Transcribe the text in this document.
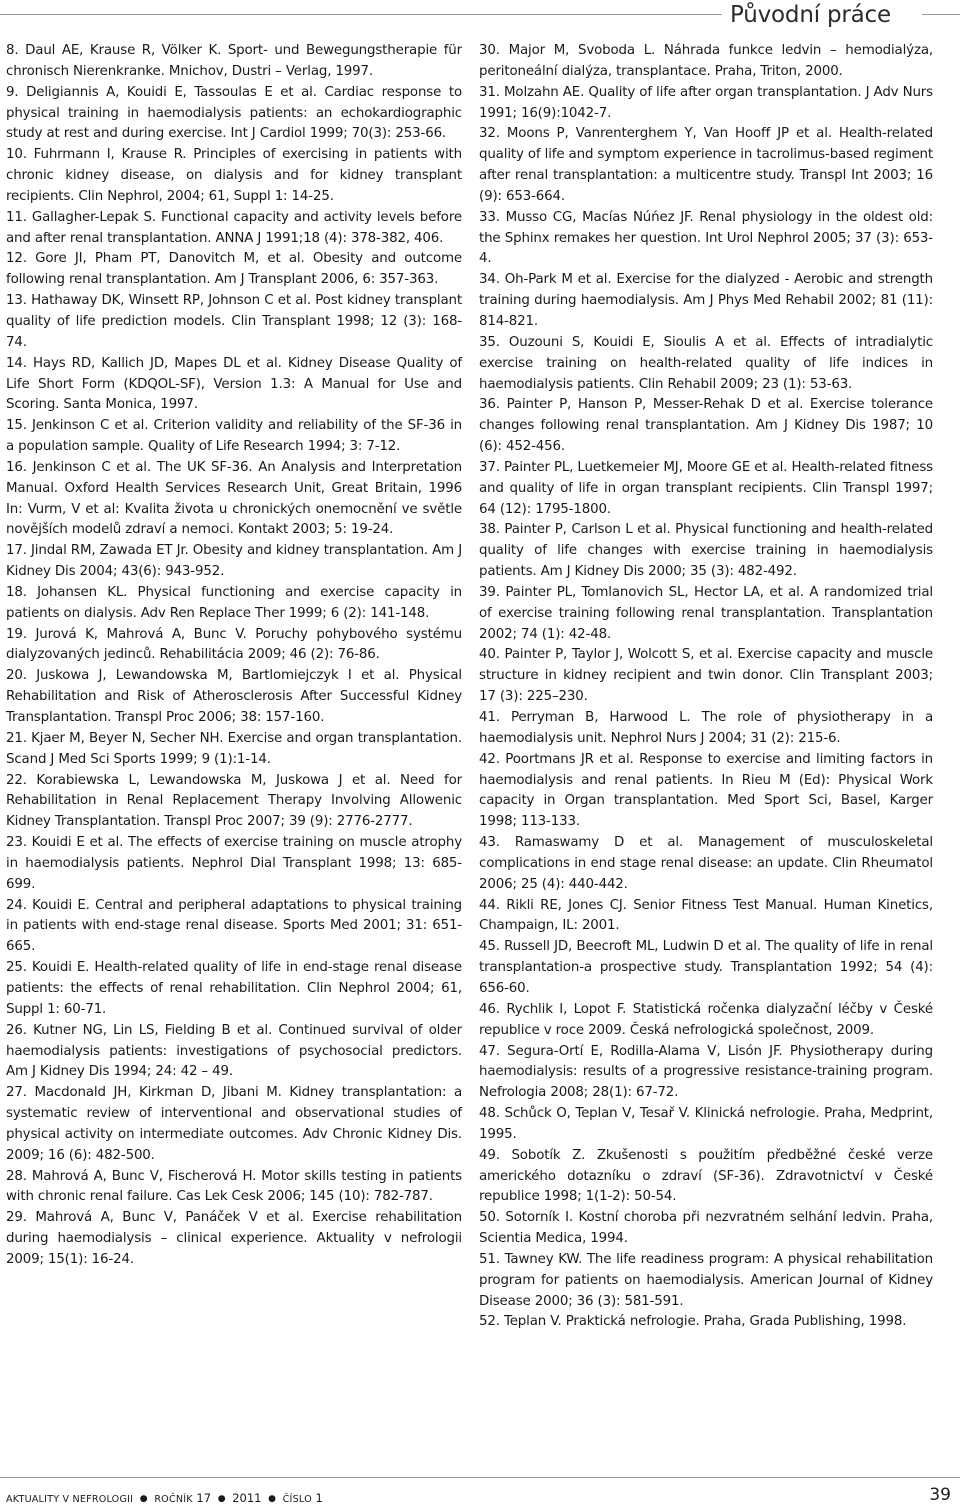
Původní práce

8. Daul AE, Krause R, Völker K. Sport- und Bewegungstherapie für chronisch Nierenkranke. Mnichov, Dustri – Verlag, 1997.

9. Deligiannis A, Kouidi E, Tassoulas E et al. Cardiac response to physical training in haemodialysis patients: an echokardiographic study at rest and during exercise. Int J Cardiol 1999; 70(3): 253-66.

10. Fuhrmann I, Krause R. Principles of exercising in patients with chronic kidney disease, on dialysis and for kidney transplant recipients. Clin Nephrol, 2004; 61, Suppl 1: 14-25.

11. Gallagher-Lepak S. Functional capacity and activity levels before and after renal transplantation. ANNA J 1991;18 (4): 378-382, 406.

12. Gore JI, Pham PT, Danovitch M, et al. Obesity and outcome following renal transplantation. Am J Transplant 2006, 6: 357-363.

13. Hathaway DK, Winsett RP, Johnson C et al. Post kidney transplant quality of life prediction models. Clin Transplant 1998; 12 (3): 168-74.

14. Hays RD, Kallich JD, Mapes DL et al. Kidney Disease Quality of Life Short Form (KDQOL-SF), Version 1.3: A Manual for Use and Scoring. Santa Monica, 1997.

15. Jenkinson C et al. Criterion validity and reliability of the SF-36 in a population sample. Quality of Life Research 1994; 3: 7-12.

16. Jenkinson C et al. The UK SF-36. An Analysis and Interpretation Manual. Oxford Health Services Research Unit, Great Britain, 1996 In: Vurm, V et al: Kvalita života u chronických onemocnění ve světle novějších modelů zdraví a nemoci. Kontakt 2003; 5: 19-24.

17. Jindal RM, Zawada ET Jr. Obesity and kidney transplantation. Am J Kidney Dis 2004; 43(6): 943-952.

18. Johansen KL. Physical functioning and exercise capacity in patients on dialysis. Adv Ren Replace Ther 1999; 6 (2): 141-148.

19. Jurová K, Mahrová A, Bunc V. Poruchy pohybového systému dialyzovaných jedinců. Rehabilitácia 2009; 46 (2): 76-86.

20. Juskowa J, Lewandowska M, Bartlomiejczyk I et al. Physical Rehabilitation and Risk of Atherosclerosis After Successful Kidney Transplantation. Transpl Proc 2006; 38: 157-160.

21. Kjaer M, Beyer N, Secher NH. Exercise and organ transplantation. Scand J Med Sci Sports 1999; 9 (1):1-14.

22. Korabiewska L, Lewandowska M, Juskowa J et al. Need for Rehabilitation in Renal Replacement Therapy Involving Allowenic Kidney Transplantation. Transpl Proc 2007; 39 (9): 2776-2777.

23. Kouidi E et al. The effects of exercise training on muscle atrophy in haemodialysis patients. Nephrol Dial Transplant 1998; 13: 685-699.

24. Kouidi E. Central and peripheral adaptations to physical training in patients with end-stage renal disease. Sports Med 2001; 31: 651-665.

25. Kouidi E. Health-related quality of life in end-stage renal disease patients: the effects of renal rehabilitation. Clin Nephrol 2004; 61, Suppl 1: 60-71.

26. Kutner NG, Lin LS, Fielding B et al. Continued survival of older haemodialysis patients: investigations of psychosocial predictors. Am J Kidney Dis 1994; 24: 42 – 49.

27. Macdonald JH, Kirkman D, Jibani M. Kidney transplantation: a systematic review of interventional and observational studies of physical activity on intermediate outcomes. Adv Chronic Kidney Dis. 2009; 16 (6): 482-500.

28. Mahrová A, Bunc V, Fischerová H. Motor skills testing in patients with chronic renal failure. Cas Lek Cesk 2006; 145 (10): 782-787.

29. Mahrová A, Bunc V, Panáček V et al. Exercise rehabilitation during haemodialysis – clinical experience. Aktuality v nefrologii 2009; 15(1): 16-24.

30. Major M, Svoboda L. Náhrada funkce ledvin – hemodialýza, peritoneální dialýza, transplantace. Praha, Triton, 2000.

31. Molzahn AE. Quality of life after organ transplantation. J Adv Nurs 1991; 16(9):1042-7.

32. Moons P, Vanrenterghem Y, Van Hooff JP et al. Health-related quality of life and symptom experience in tacrolimus-based regiment after renal transplantation: a multicentre study. Transpl Int 2003; 16 (9): 653-664.

33. Musso CG, Macías Núńez JF. Renal physiology in the oldest old: the Sphinx remakes her question. Int Urol Nephrol 2005; 37 (3): 653-4.

34. Oh-Park M et al. Exercise for the dialyzed - Aerobic and strength training during haemodialysis. Am J Phys Med Rehabil 2002; 81 (11): 814-821.

35. Ouzouni S, Kouidi E, Sioulis A et al. Effects of intradialytic exercise training on health-related quality of life indices in haemodialysis patients. Clin Rehabil 2009; 23 (1): 53-63.

36. Painter P, Hanson P, Messer-Rehak D et al. Exercise tolerance changes following renal transplantation. Am J Kidney Dis 1987; 10 (6): 452-456.

37. Painter PL, Luetkemeier MJ, Moore GE et al. Health-related fitness and quality of life in organ transplant recipients. Clin Transpl 1997; 64 (12): 1795-1800.

38. Painter P, Carlson L et al. Physical functioning and health-related quality of life changes with exercise training in haemodialysis patients. Am J Kidney Dis 2000; 35 (3): 482-492.

39. Painter PL, Tomlanovich SL, Hector LA, et al. A randomized trial of exercise training following renal transplantation. Transplantation 2002; 74 (1): 42-48.

40. Painter P, Taylor J, Wolcott S, et al. Exercise capacity and muscle structure in kidney recipient and twin donor. Clin Transplant 2003; 17 (3): 225–230.

41. Perryman B, Harwood L. The role of physiotherapy in a haemodialysis unit. Nephrol Nurs J 2004; 31 (2): 215-6.

42. Poortmans JR et al. Response to exercise and limiting factors in haemodialysis and renal patients. In Rieu M (Ed): Physical Work capacity in Organ transplantation. Med Sport Sci, Basel, Karger 1998; 113-133.

43. Ramaswamy D et al. Management of musculoskeletal complications in end stage renal disease: an update. Clin Rheumatol 2006; 25 (4): 440-442.

44. Rikli RE, Jones CJ. Senior Fitness Test Manual. Human Kinetics, Champaign, IL: 2001.

45. Russell JD, Beecroft ML, Ludwin D et al. The quality of life in renal transplantation-a prospective study. Transplantation 1992; 54 (4): 656-60.

46. Rychlik I, Lopot F. Statistická ročenka dialyzační léčby v České republice v roce 2009. Česká nefrologická společnost, 2009.

47. Segura-Ortí E, Rodilla-Alama V, Lisón JF. Physiotherapy during haemodialysis: results of a progressive resistance-training program. Nefrologia 2008; 28(1): 67-72.

48. Schůck O, Teplan V, Tesař V. Klinická nefrologie. Praha, Medprint, 1995.

49. Sobotík Z. Zkušenosti s použitím předběžné české verze amerického dotazníku o zdraví (SF-36). Zdravotnictví v České republice 1998; 1(1-2): 50-54.

50. Sotorník I. Kostní choroba při nezvratném selhání ledvin. Praha, Scientia Medica, 1994.

51. Tawney KW. The life readiness program: A physical rehabilitation program for patients on haemodialysis. American Journal of Kidney Disease 2000; 36 (3): 581-591.

52. Teplan V. Praktická nefrologie. Praha, Grada Publishing, 1998.

AKTUALITY V NEFROLOGII ● ROČNÍK 17 ● 2011 ● ČÍSLO 1	39
